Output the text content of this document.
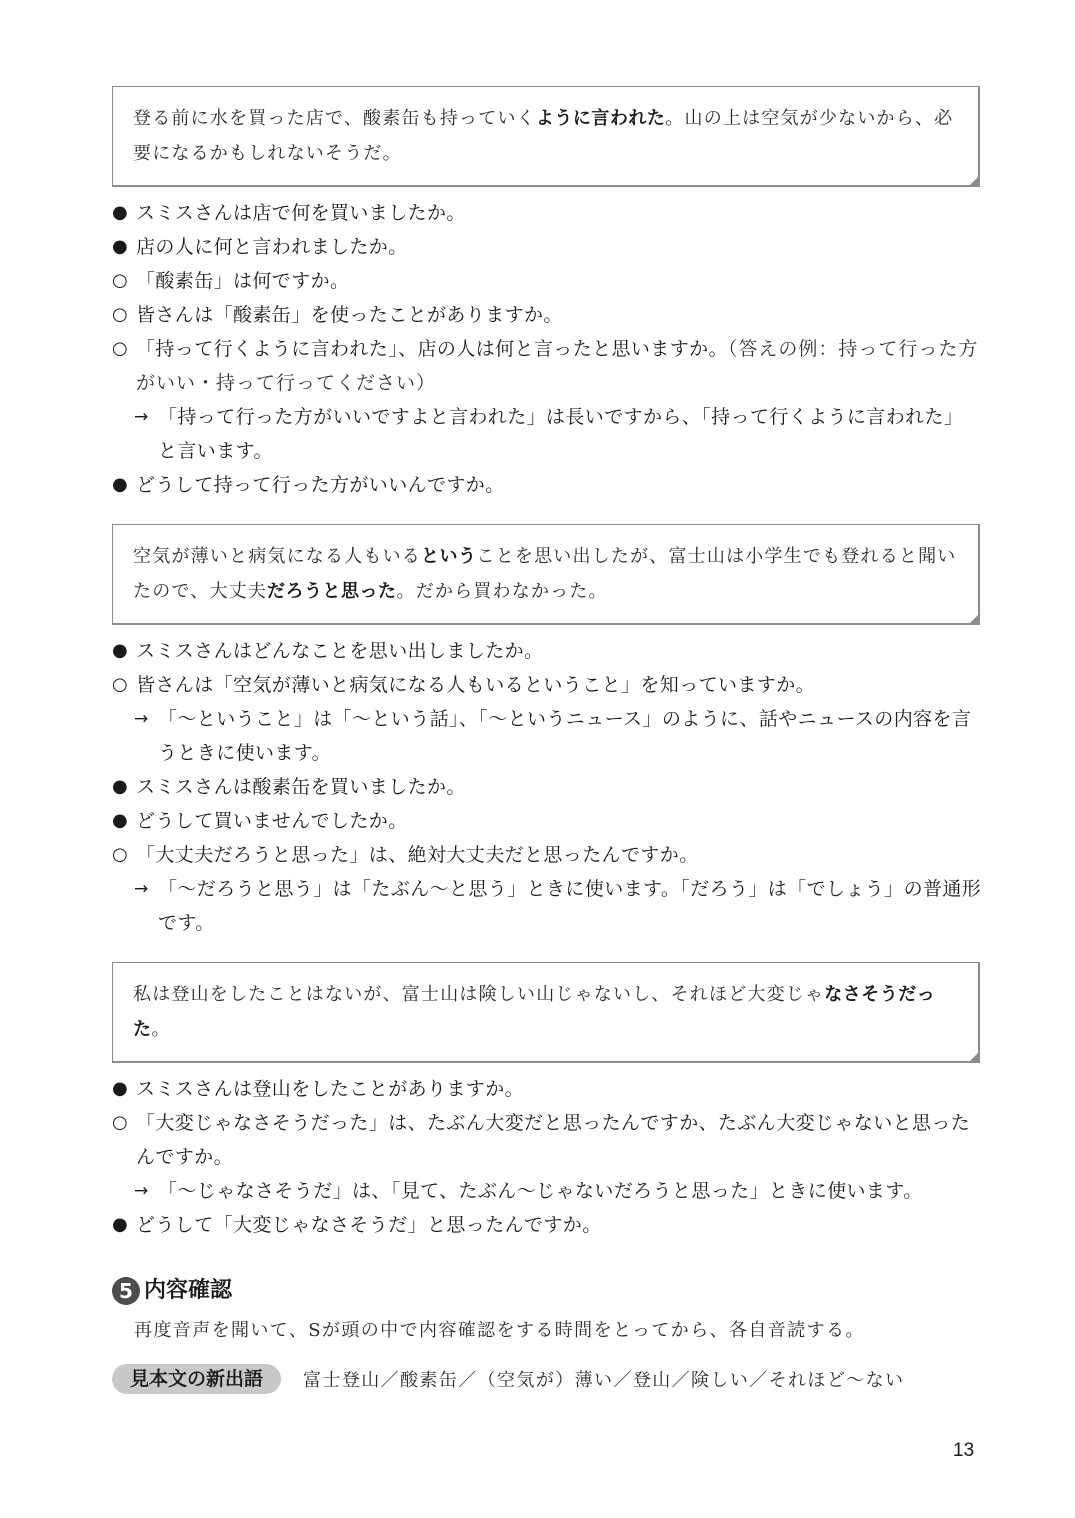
登る前に水を買った店で、酸素缶も持っていくように言われた。山の上は空気が少ないから、必要になるかもしれないそうだ。
● スミスさんは店で何を買いましたか。
● 店の人に何と言われましたか。
○ 「酸素缶」は何ですか。
○ 皆さんは「酸素缶」を使ったことがありますか。
○ 「持って行くように言われた」、店の人は何と言ったと思いますか。（答えの例：持って行った方がいい・持って行ってください）
→ 「持って行った方がいいですよと言われた」は長いですから、「持って行くように言われた」と言います。
● どうして持って行った方がいいんですか。
空気が薄いと病気になる人もいるということを思い出したが、富士山は小学生でも登れると聞いたので、大丈夫だろうと思った。だから買わなかった。
● スミスさんはどんなことを思い出しましたか。
○ 皆さんは「空気が薄いと病気になる人もいるということ」を知っていますか。
→ 「～ということ」は「～という話」、「～というニュース」のように、話やニュースの内容を言うときに使います。
● スミスさんは酸素缶を買いましたか。
● どうして買いませんでしたか。
○ 「大丈夫だろうと思った」は、絶対大丈夫だと思ったんですか。
→ 「～だろうと思う」は「たぶん～と思う」ときに使います。「だろう」は「でしょう」の普通形です。
私は登山をしたことはないが、富士山は険しい山じゃないし、それほど大変じゃなさそうだった。
● スミスさんは登山をしたことがありますか。
○ 「大変じゃなさそうだった」は、たぶん大変だと思ったんですか、たぶん大変じゃないと思ったんですか。
→ 「～じゃなさそうだ」は、「見て、たぶん～じゃないだろうと思った」ときに使います。
● どうして「大変じゃなさそうだ」と思ったんですか。
5 内容確認
再度音声を聞いて、Sが頭の中で内容確認をする時間をとってから、各自音読する。
見本文の新出語	富士登山／酸素缶／（空気が）薄い／登山／険しい／それほど～ない
13
